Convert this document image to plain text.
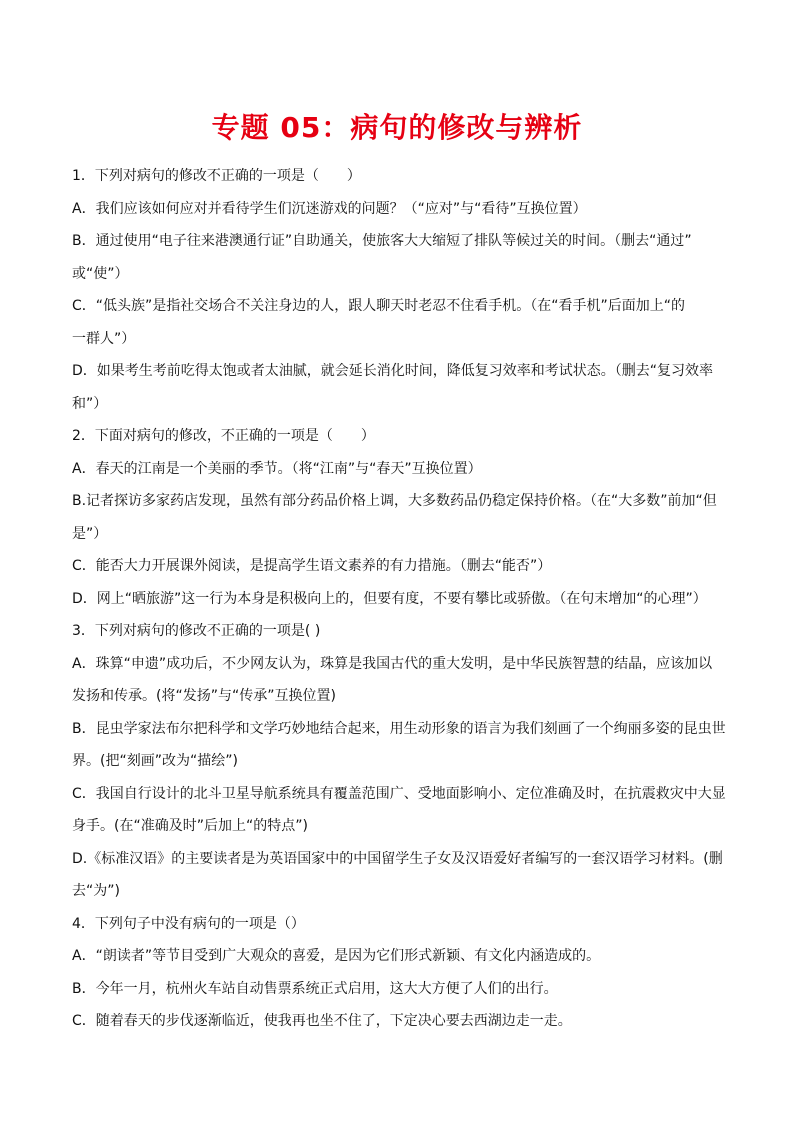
专题 05：病句的修改与辨析
1．下列对病句的修改不正确的一项是（　　）
A．我们应该如何应对并看待学生们沉迷游戏的问题？（“应对”与“看待”互换位置）
B．通过使用“电子往来港澳通行证”自助通关，使旅客大大缩短了排队等候过关的时间。（删去“通过”
或“使”）
C．“低头族”是指社交场合不关注身边的人，跟人聊天时老忍不住看手机。（在“看手机”后面加上“的
一群人”）
D．如果考生考前吃得太饱或者太油腻，就会延长消化时间，降低复习效率和考试状态。（删去“复习效率
和”）
2．下面对病句的修改，不正确的一项是（　　）
A．春天的江南是一个美丽的季节。（将“江南”与“春天”互换位置）
B.记者探访多家药店发现，虽然有部分药品价格上调，大多数药品仍稳定保持价格。（在“大多数”前加“但
是”）
C．能否大力开展课外阅读，是提高学生语文素养的有力措施。（删去“能否”）
D．网上“晒旅游”这一行为本身是积极向上的，但要有度，不要有攀比或骄傲。（在句末增加“的心理”）
3．下列对病句的修改不正确的一项是( )
A．珠算“申遗”成功后，不少网友认为，珠算是我国古代的重大发明，是中华民族智慧的结晶，应该加以
发扬和传承。(将“发扬”与“传承”互换位置)
B．昆虫学家法布尔把科学和文学巧妙地结合起来，用生动形象的语言为我们刻画了一个绚丽多姿的昆虫世
界。(把“刻画”改为“描绘”)
C．我国自行设计的北斗卫星导航系统具有覆盖范围广、受地面影响小、定位准确及时，在抗震救灾中大显
身手。(在“准确及时”后加上“的特点”)
D.《标准汉语》的主要读者是为英语国家中的中国留学生子女及汉语爱好者编写的一套汉语学习材料。(删
去“为”)
4．下列句子中没有病句的一项是（）
A．“朗读者”等节目受到广大观众的喜爱，是因为它们形式新颖、有文化内涵造成的。
B．今年一月，杭州火车站自动售票系统正式启用，这大大方便了人们的出行。
C．随着春天的步伐逐渐临近，使我再也坐不住了，下定决心要去西湖边走一走。
